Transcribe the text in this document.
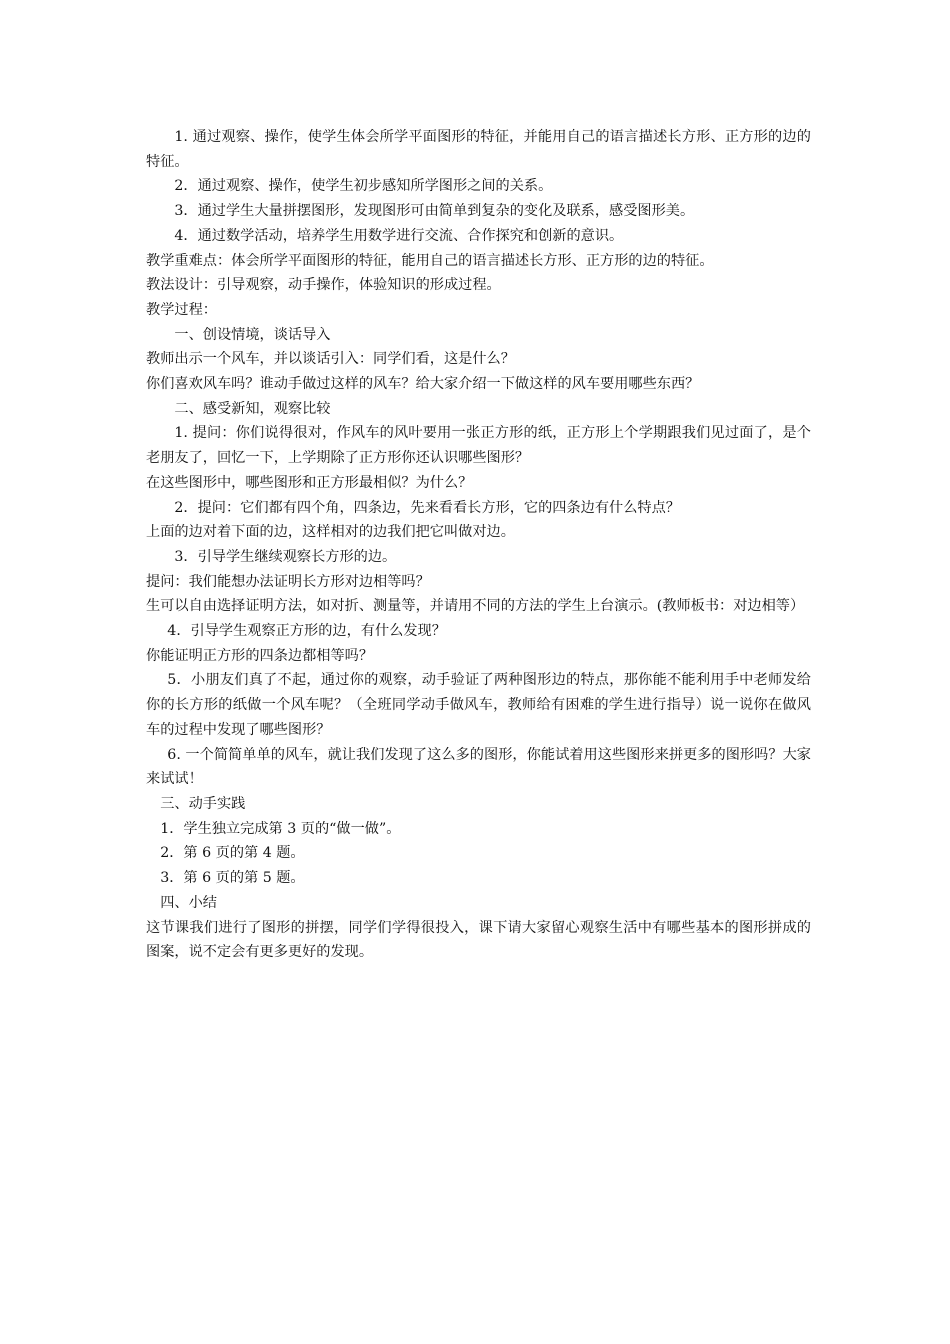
1. 通过观察、操作，使学生体会所学平面图形的特征，并能用自己的语言描述长方形、正方形的边的特征。

2．通过观察、操作，使学生初步感知所学图形之间的关系。

3．通过学生大量拼摆图形，发现图形可由简单到复杂的变化及联系，感受图形美。

4．通过数学活动，培养学生用数学进行交流、合作探究和创新的意识。

教学重难点：体会所学平面图形的特征，能用自己的语言描述长方形、正方形的边的特征。

教法设计：引导观察，动手操作，体验知识的形成过程。

教学过程：

一、创设情境，谈话导入

教师出示一个风车，并以谈话引入：同学们看，这是什么？

你们喜欢风车吗？谁动手做过这样的风车？给大家介绍一下做这样的风车要用哪些东西？

二、感受新知，观察比较

1. 提问：你们说得很对，作风车的风叶要用一张正方形的纸，正方形上个学期跟我们见过面了，是个老朋友了，回忆一下，上学期除了正方形你还认识哪些图形？

在这些图形中，哪些图形和正方形最相似？为什么？

2．提问：它们都有四个角，四条边，先来看看长方形，它的四条边有什么特点？

上面的边对着下面的边，这样相对的边我们把它叫做对边。

3．引导学生继续观察长方形的边。

提问：我们能想办法证明长方形对边相等吗？

生可以自由选择证明方法，如对折、测量等，并请用不同的方法的学生上台演示。(教师板书：对边相等）

4．引导学生观察正方形的边，有什么发现？

你能证明正方形的四条边都相等吗？

5．小朋友们真了不起，通过你的观察，动手验证了两种图形边的特点，那你能不能利用手中老师发给你的长方形的纸做一个风车呢？（全班同学动手做风车，教师给有困难的学生进行指导）说一说你在做风车的过程中发现了哪些图形？

6. 一个简简单单的风车，就让我们发现了这么多的图形，你能试着用这些图形来拼更多的图形吗？大家来试试！

三、动手实践

1．学生独立完成第 3 页的“做一做”。

2．第 6 页的第 4 题。

3．第 6 页的第 5 题。

四、小结

这节课我们进行了图形的拼摆，同学们学得很投入，课下请大家留心观察生活中有哪些基本的图形拼成的图案，说不定会有更多更好的发现。
